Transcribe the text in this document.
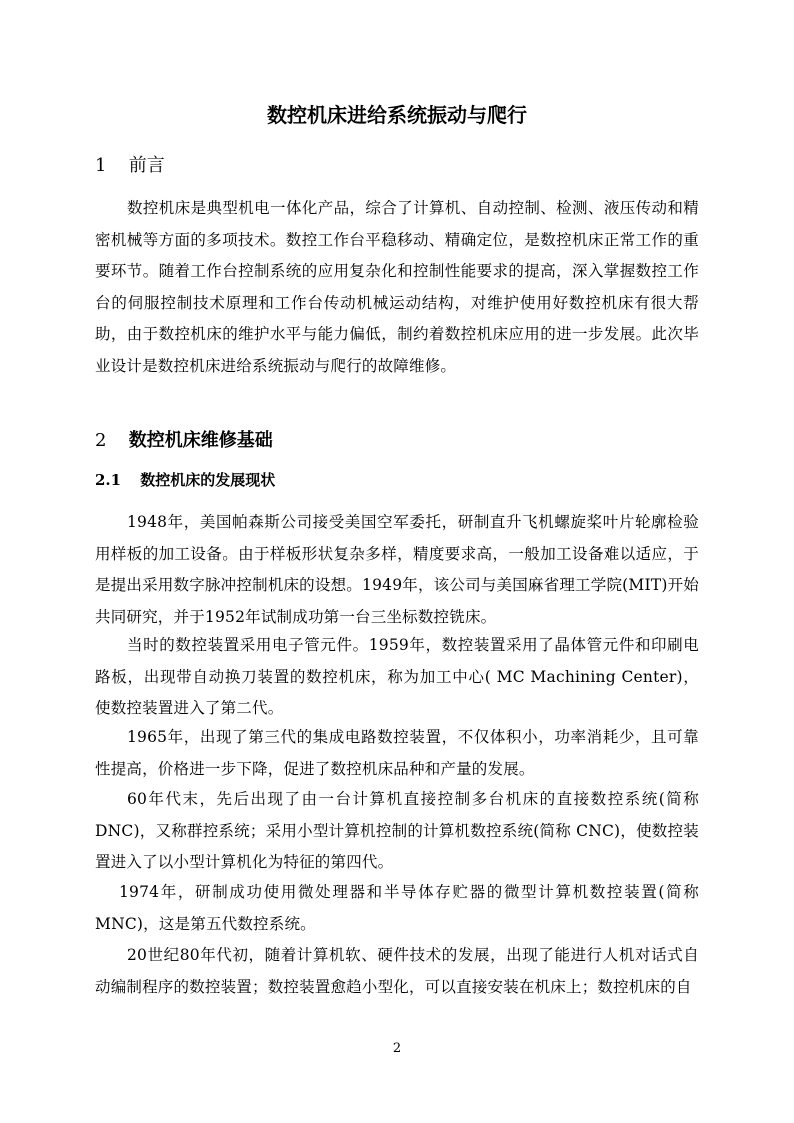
数控机床进给系统振动与爬行
1 前言
数控机床是典型机电一体化产品，综合了计算机、自动控制、检测、液压传动和精密机械等方面的多项技术。数控工作台平稳移动、精确定位，是数控机床正常工作的重要环节。随着工作台控制系统的应用复杂化和控制性能要求的提高，深入掌握数控工作台的伺服控制技术原理和工作台传动机械运动结构，对维护使用好数控机床有很大帮助，由于数控机床的维护水平与能力偏低，制约着数控机床应用的进一步发展。此次毕业设计是数控机床进给系统振动与爬行的故障维修。
2 数控机床维修基础
2.1 数控机床的发展现状
1948年，美国帕森斯公司接受美国空军委托，研制直升飞机螺旋桨叶片轮廓检验用样板的加工设备。由于样板形状复杂多样，精度要求高，一般加工设备难以适应，于是提出采用数字脉冲控制机床的设想。1949年，该公司与美国麻省理工学院(MIT)开始共同研究，并于1952年试制成功第一台三坐标数控铣床。
当时的数控装置采用电子管元件。1959年，数控装置采用了晶体管元件和印刷电路板，出现带自动换刀装置的数控机床，称为加工中心( MC Machining Center)，使数控装置进入了第二代。
1965年，出现了第三代的集成电路数控装置，不仅体积小，功率消耗少，且可靠性提高，价格进一步下降，促进了数控机床品种和产量的发展。
60年代末，先后出现了由一台计算机直接控制多台机床的直接数控系统(简称DNC)，又称群控系统；采用小型计算机控制的计算机数控系统(简称 CNC)，使数控装置进入了以小型计算机化为特征的第四代。
1974年，研制成功使用微处理器和半导体存贮器的微型计算机数控装置(简称MNC)，这是第五代数控系统。
20世纪80年代初，随着计算机软、硬件技术的发展，出现了能进行人机对话式自动编制程序的数控装置；数控装置愈趋小型化，可以直接安装在机床上；数控机床的自
2
